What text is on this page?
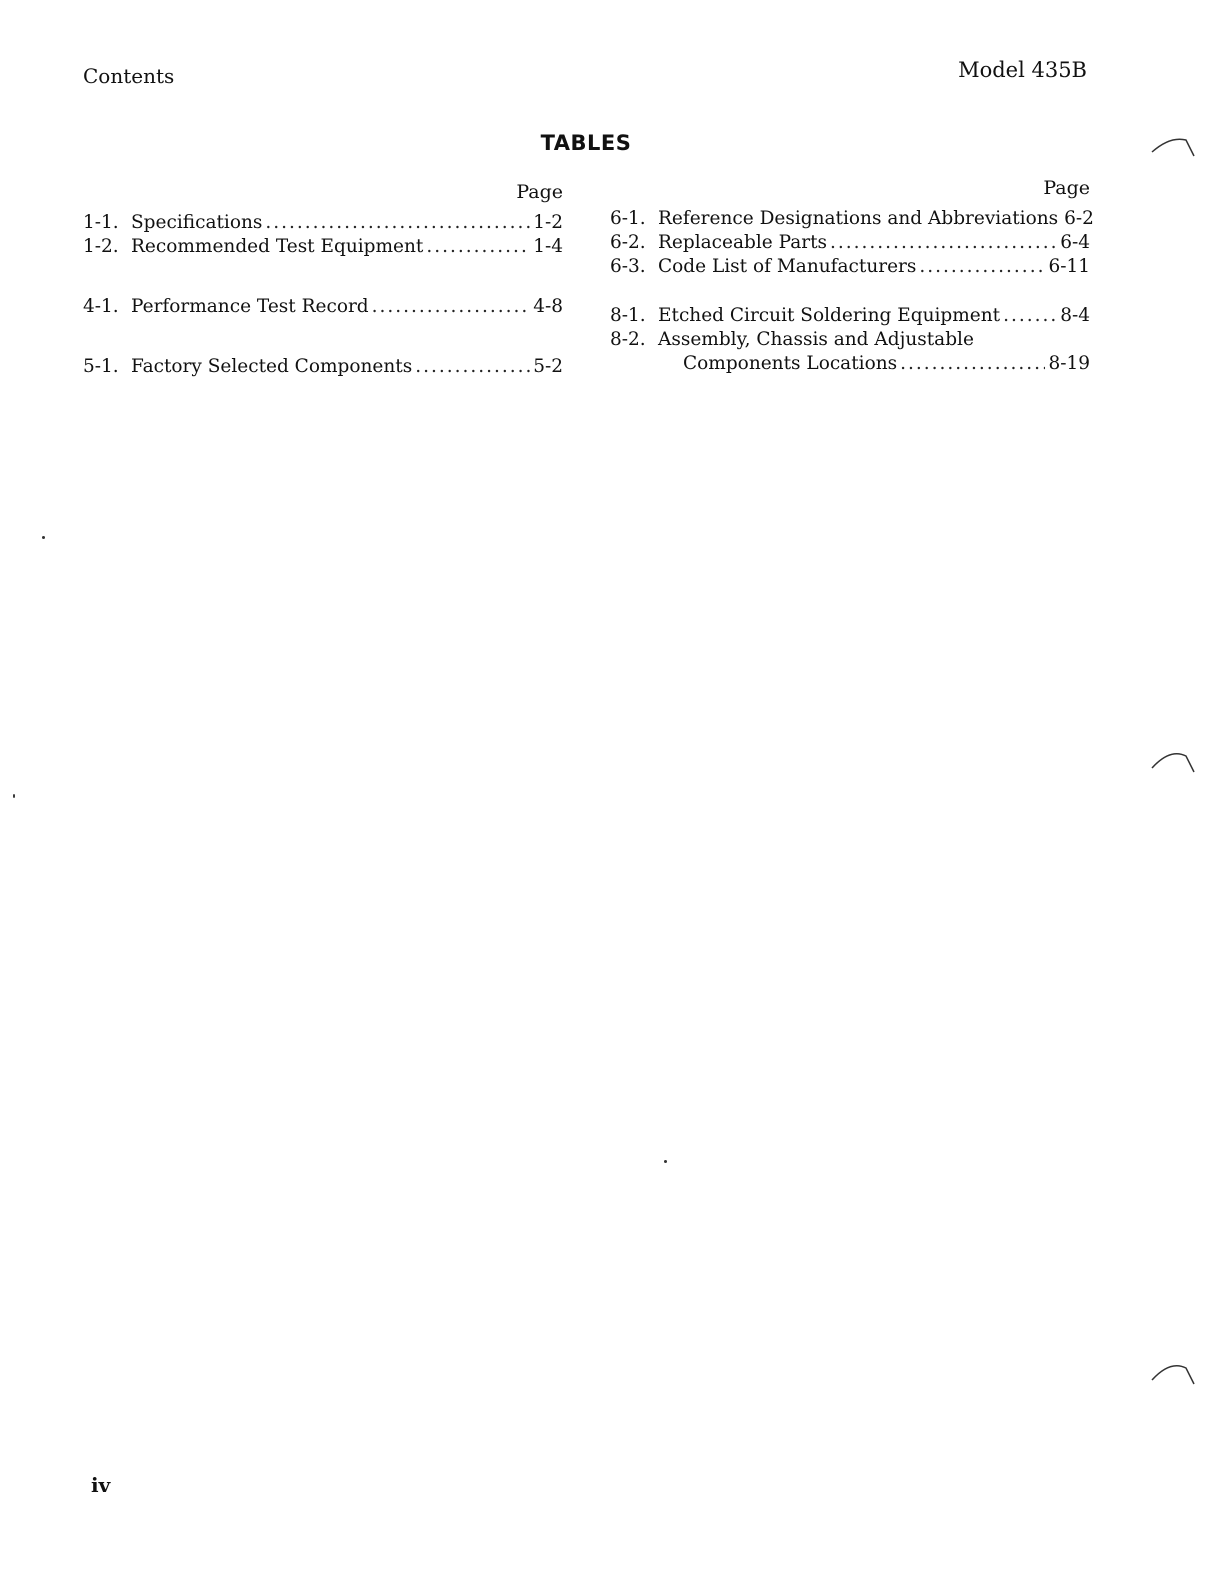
Contents	Model 435B
TABLES
Page
1-1. Specifications .....	1-2
1-2. Recommended Test Equipment .....	1-4
4-1. Performance Test Record .....	4-8
5-1. Factory Selected Components .....	5-2
Page
6-1. Reference Designations and Abbreviations 6-2
6-2. Replaceable Parts .....	6-4
6-3. Code List of Manufacturers .....	6-11
8-1. Etched Circuit Soldering Equipment .....	8-4
8-2. Assembly, Chassis and Adjustable
Components Locations .....	8-19
iv
